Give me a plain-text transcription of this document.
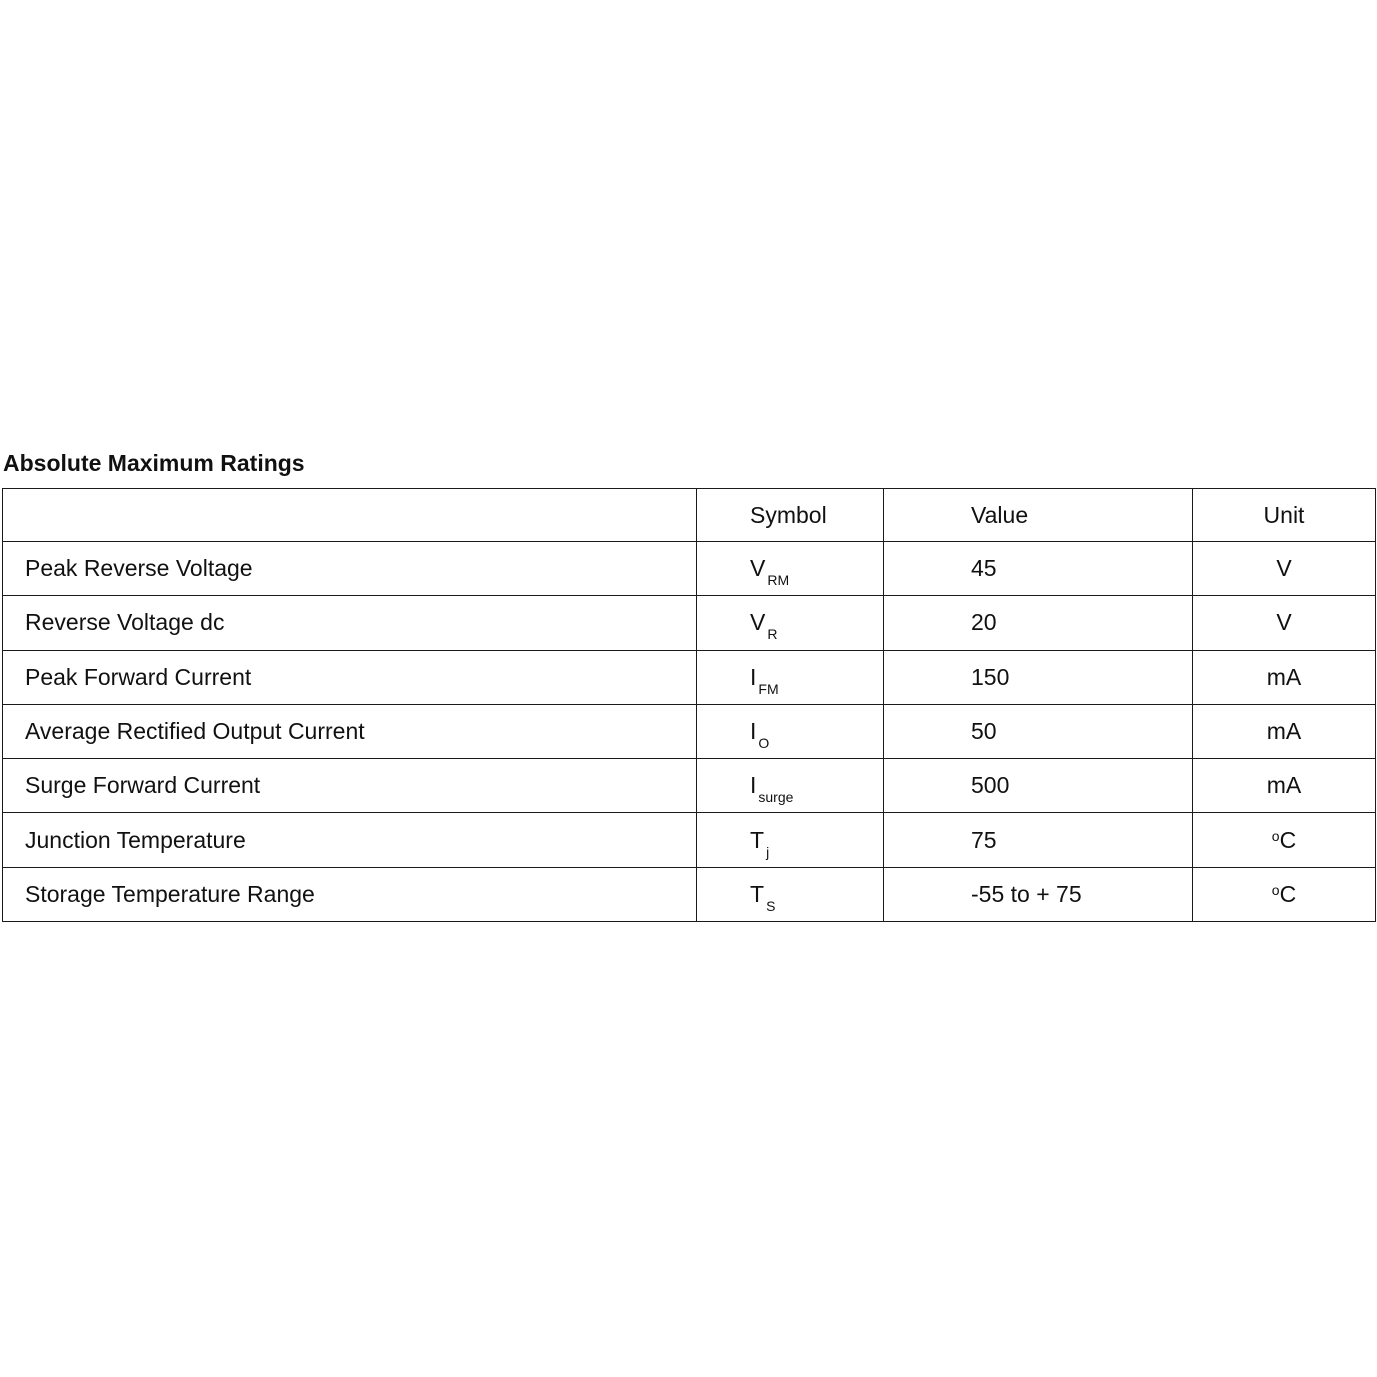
Absolute Maximum Ratings
	Symbol	Value	Unit
Peak Reverse Voltage	V $_{RM}$	45	V
Reverse Voltage dc	V $_R$	20	V
Peak Forward Current	I $_{FM}$	150	mA
Average Rectified Output Current	I $_O$	50	mA
Surge Forward Current	I $_{surge}$	500	mA
Junction Temperature	T $_j$	75	$^o$C
Storage Temperature Range	T $_S$	-55 to + 75	$^o$C
